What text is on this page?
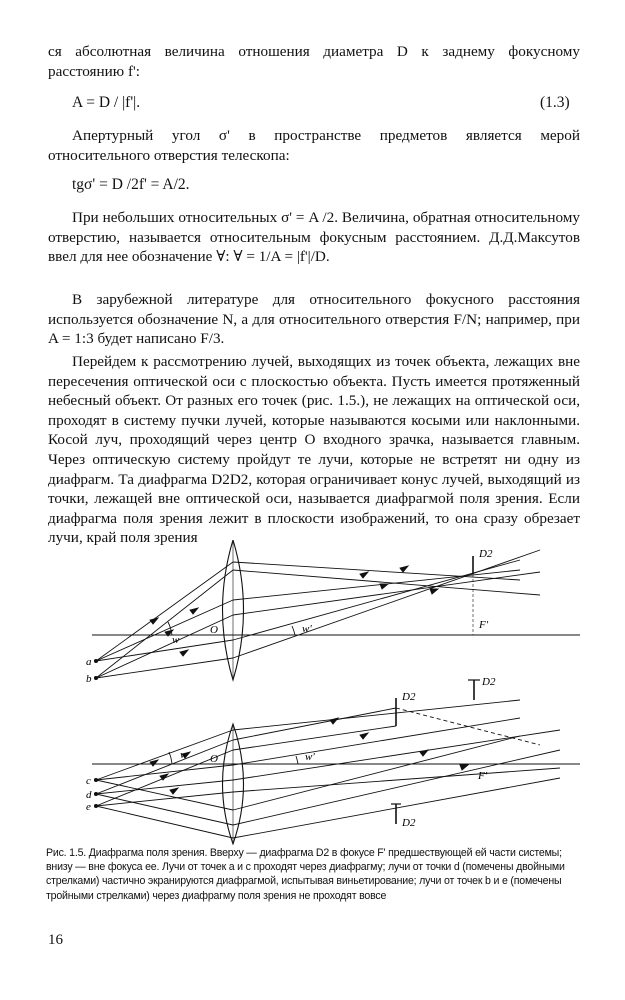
ся абсолютная величина отношения диаметра D к заднему фокусному расстоянию f':
A = D / |f'|.	(1.3)
Апертурный угол σ' в пространстве предметов является мерой относительного отверстия телескопа:
tgσ' = D /2f' = A/2.
При небольших относительных σ' = A /2. Величина, обратная относительному отверстию, называется относительным фокусным расстоянием. Д.Д.Максутов ввел для нее обозначение ∀: ∀ = 1/A = |f'|/D.
В зарубежной литературе для относительного фокусного расстояния используется обозначение N, а для относительного отверстия F/N; например, при A = 1:3 будет написано F/3.
Перейдем к рассмотрению лучей, выходящих из точек объекта, лежащих вне пересечения оптической оси с плоскостью объекта. Пусть имеется протяженный небесный объект. От разных его точек (рис. 1.5.), не лежащих на оптической оси, проходят в систему пучки лучей, которые называются косыми или наклонными. Косой луч, проходящий через центр O входного зрачка, называется главным. Через оптическую систему пройдут те лучи, которые не встретят ни одну из диафрагм. Та диафрагма D2D2, которая ограничивает конус лучей, выходящий из точки, лежащей вне оптической оси, называется диафрагмой поля зрения. Если диафрагма поля зрения лежит в плоскости изображений, то она сразу обрезает лучи, край поля зрения
O
w
w'	F'
D2
a
b
O
w	w'
F'
D2
D2
D2
c
d
e
Рис. 1.5. Диафрагма поля зрения. Вверху — диафрагма D2 в фокусе F' предшествующей ей части системы; внизу — вне фокуса ее. Лучи от точек a и c проходят через диафрагму; лучи от точки d (помечены двойными стрелками) частично экранируются диафрагмой, испытывая виньетирование; лучи от точек b и e (помечены тройными стрелками) через диафрагму поля зрения не проходят вовсе
16
